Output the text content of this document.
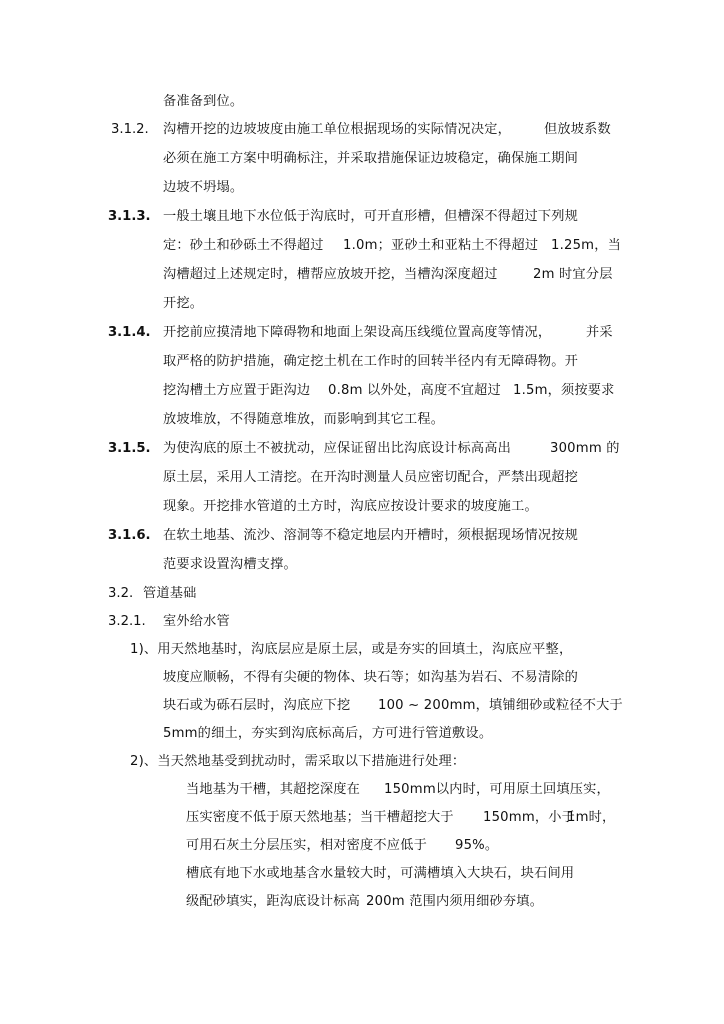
备准备到位。
3.1.2. 沟槽开挖的边坡坡度由施工单位根据现场的实际情况决定， 但放坡系数
必须在施工方案中明确标注，并采取措施保证边坡稳定，确保施工期间
边坡不坍塌。
3.1.3. 一般土壤且地下水位低于沟底时，可开直形槽，但槽深不得超过下列规
定：砂土和砂砾土不得超过 1.0m；亚砂土和亚粘土不得超过 1.25m，当
沟槽超过上述规定时，槽帮应放坡开挖，当槽沟深度超过	2m 时宜分层
开挖。
3.1.4. 开挖前应摸清地下障碍物和地面上架设高压线缆位置高度等情况，	并采
取严格的防护措施，确定挖土机在工作时的回转半径内有无障碍物。开
挖沟槽土方应置于距沟边 0.8m 以外处，高度不宜超过 1.5m，须按要求
放坡堆放，不得随意堆放，而影响到其它工程。
3.1.5. 为使沟底的原土不被扰动，应保证留出比沟底设计标高高出	300mm 的
原土层，采用人工清挖。在开沟时测量人员应密切配合，严禁出现超挖
现象。开挖排水管道的土方时，沟底应按设计要求的坡度施工。
3.1.6. 在软土地基、流沙、溶洞等不稳定地层内开槽时，须根据现场情况按规
范要求设置沟槽支撑。
3.2. 管道基础
3.2.1. 室外给水管
1)、用天然地基时，沟底层应是原土层，或是夯实的回填土，沟底应平整，
坡度应顺畅，不得有尖硬的物体、块石等；如沟基为岩石、不易清除的
块石或为砾石层时，沟底应下挖 100 ~ 200mm，填铺细砂或粒径不大于
5mm的细土，夯实到沟底标高后，方可进行管道敷设。
2)、当天然地基受到扰动时，需采取以下措施进行处理：
当地基为干槽，其超挖深度在 150mm以内时，可用原土回填压实，
压实密度不低于原天然地基；当干槽超挖大于 150mm，小于
1m时，
可用石灰土分层压实，相对密度不应低于 95%。
槽底有地下水或地基含水量较大时，可满槽填入大块石，块石间用
级配砂填实，距沟底设计标高 200m 范围内须用细砂夯填。
